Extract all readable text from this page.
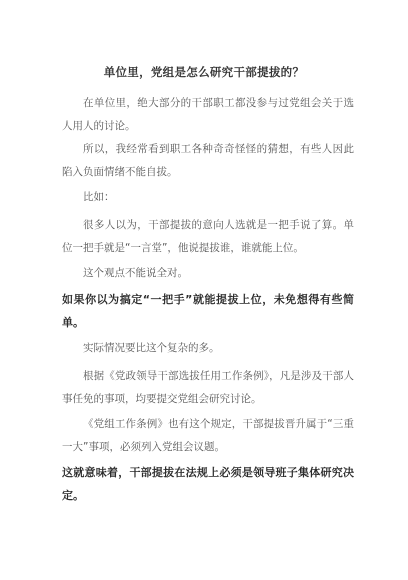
单位里，党组是怎么研究干部提拔的？

在单位里，绝大部分的干部职工都没参与过党组会关于选人用人的讨论。

所以，我经常看到职工各种奇奇怪怪的猜想，有些人因此陷入负面情绪不能自拔。

比如：

很多人以为，干部提拔的意向人选就是一把手说了算。单位一把手就是“一言堂”，他说提拔谁，谁就能上位。

这个观点不能说全对。

如果你以为搞定“一把手”就能提拔上位，未免想得有些简单。

实际情况要比这个复杂的多。

根据《党政领导干部选拔任用工作条例》，凡是涉及干部人事任免的事项，均要提交党组会研究讨论。

《党组工作条例》也有这个规定，干部提拔晋升属于“三重一大”事项，必须列入党组会议题。

这就意味着，干部提拔在法规上必须是领导班子集体研究决定。
